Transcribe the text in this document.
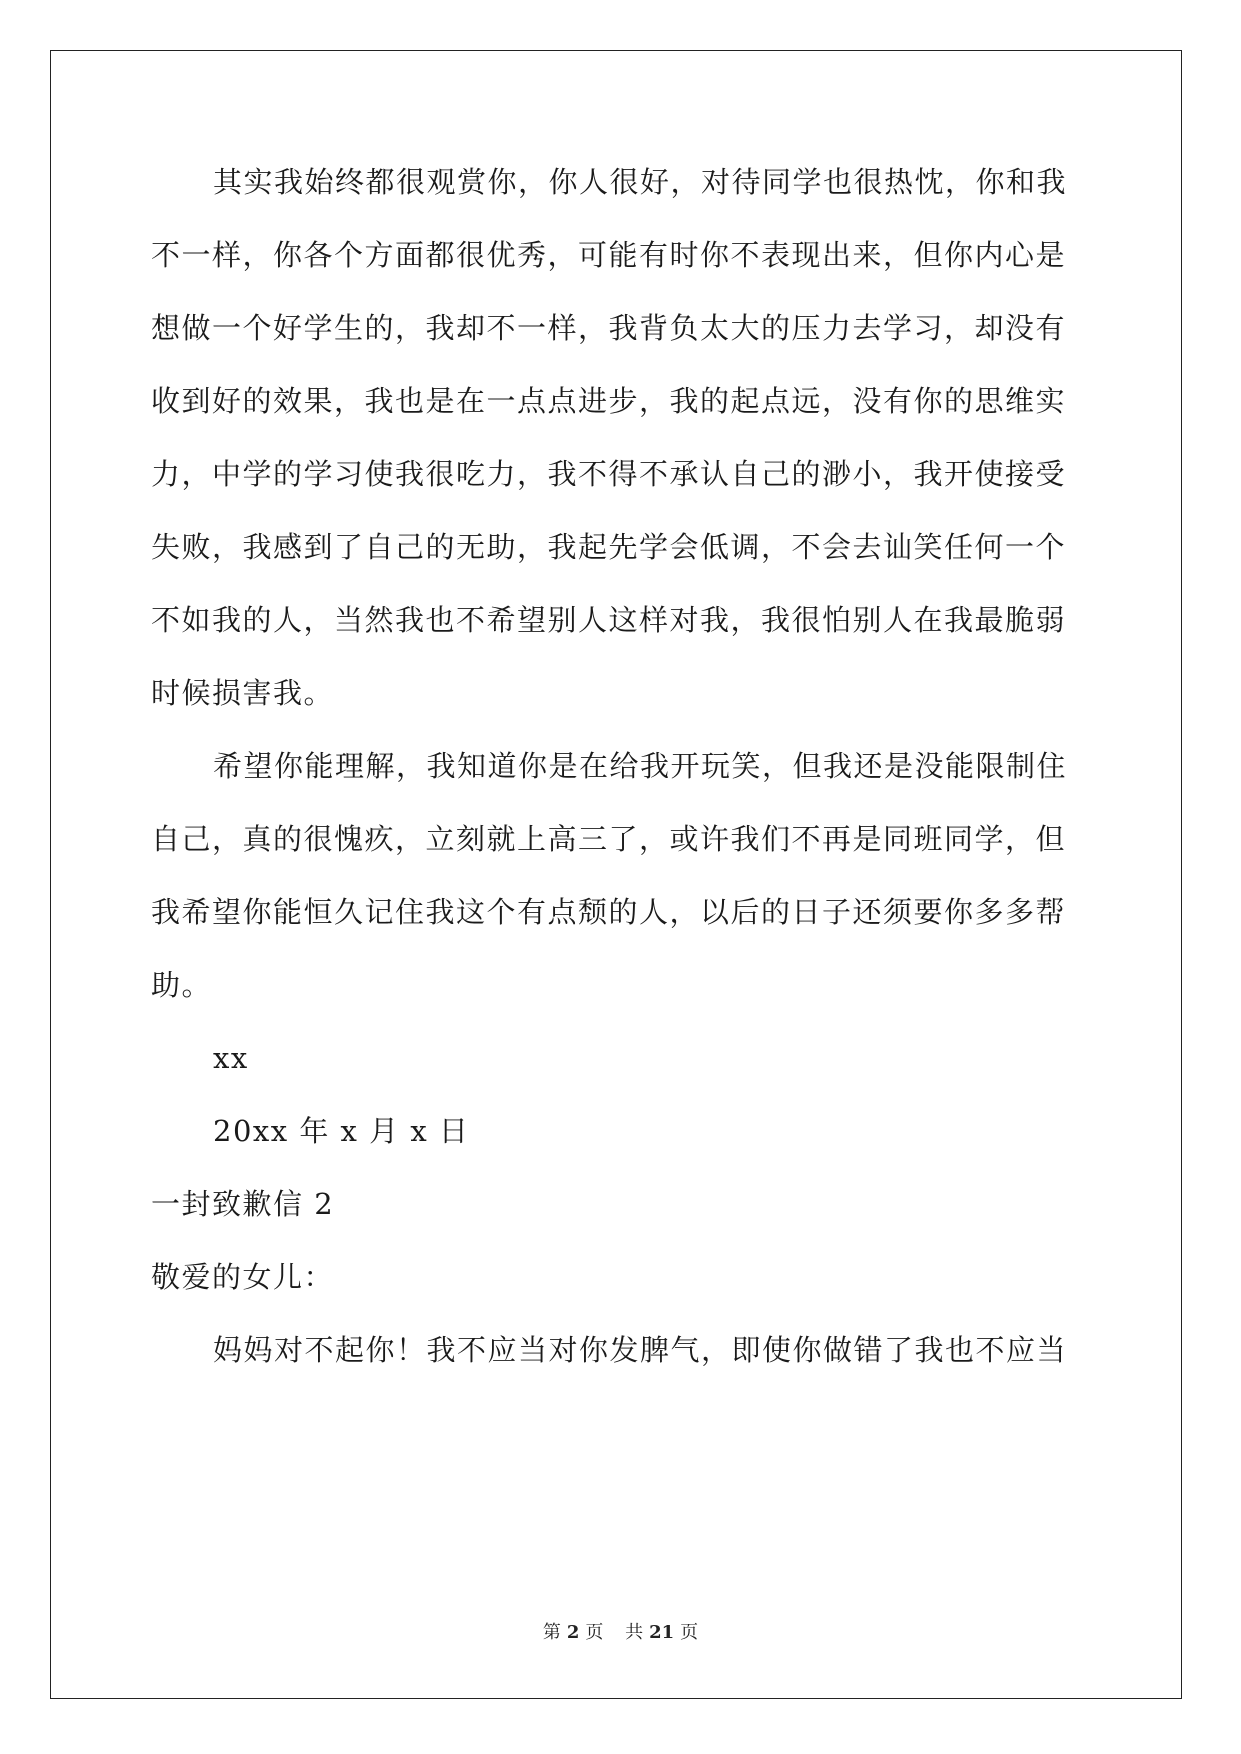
其实我始终都很观赏你，你人很好，对待同学也很热忱，你和我
不一样，你各个方面都很优秀，可能有时你不表现出来，但你内心是
想做一个好学生的，我却不一样，我背负太大的压力去学习，却没有
收到好的效果，我也是在一点点进步，我的起点远，没有你的思维实
力，中学的学习使我很吃力，我不得不承认自己的渺小，我开使接受
失败，我感到了自己的无助，我起先学会低调，不会去讪笑任何一个
不如我的人，当然我也不希望别人这样对我，我很怕别人在我最脆弱
时候损害我。
希望你能理解，我知道你是在给我开玩笑，但我还是没能限制住
自己，真的很愧疚，立刻就上高三了，或许我们不再是同班同学，但
我希望你能恒久记住我这个有点颓的人，以后的日子还须要你多多帮
助。
xx
20xx 年 x 月 x 日
一封致歉信 2
敬爱的女儿：
妈妈对不起你！我不应当对你发脾气，即使你做错了我也不应当
第 2 页 共 21 页
